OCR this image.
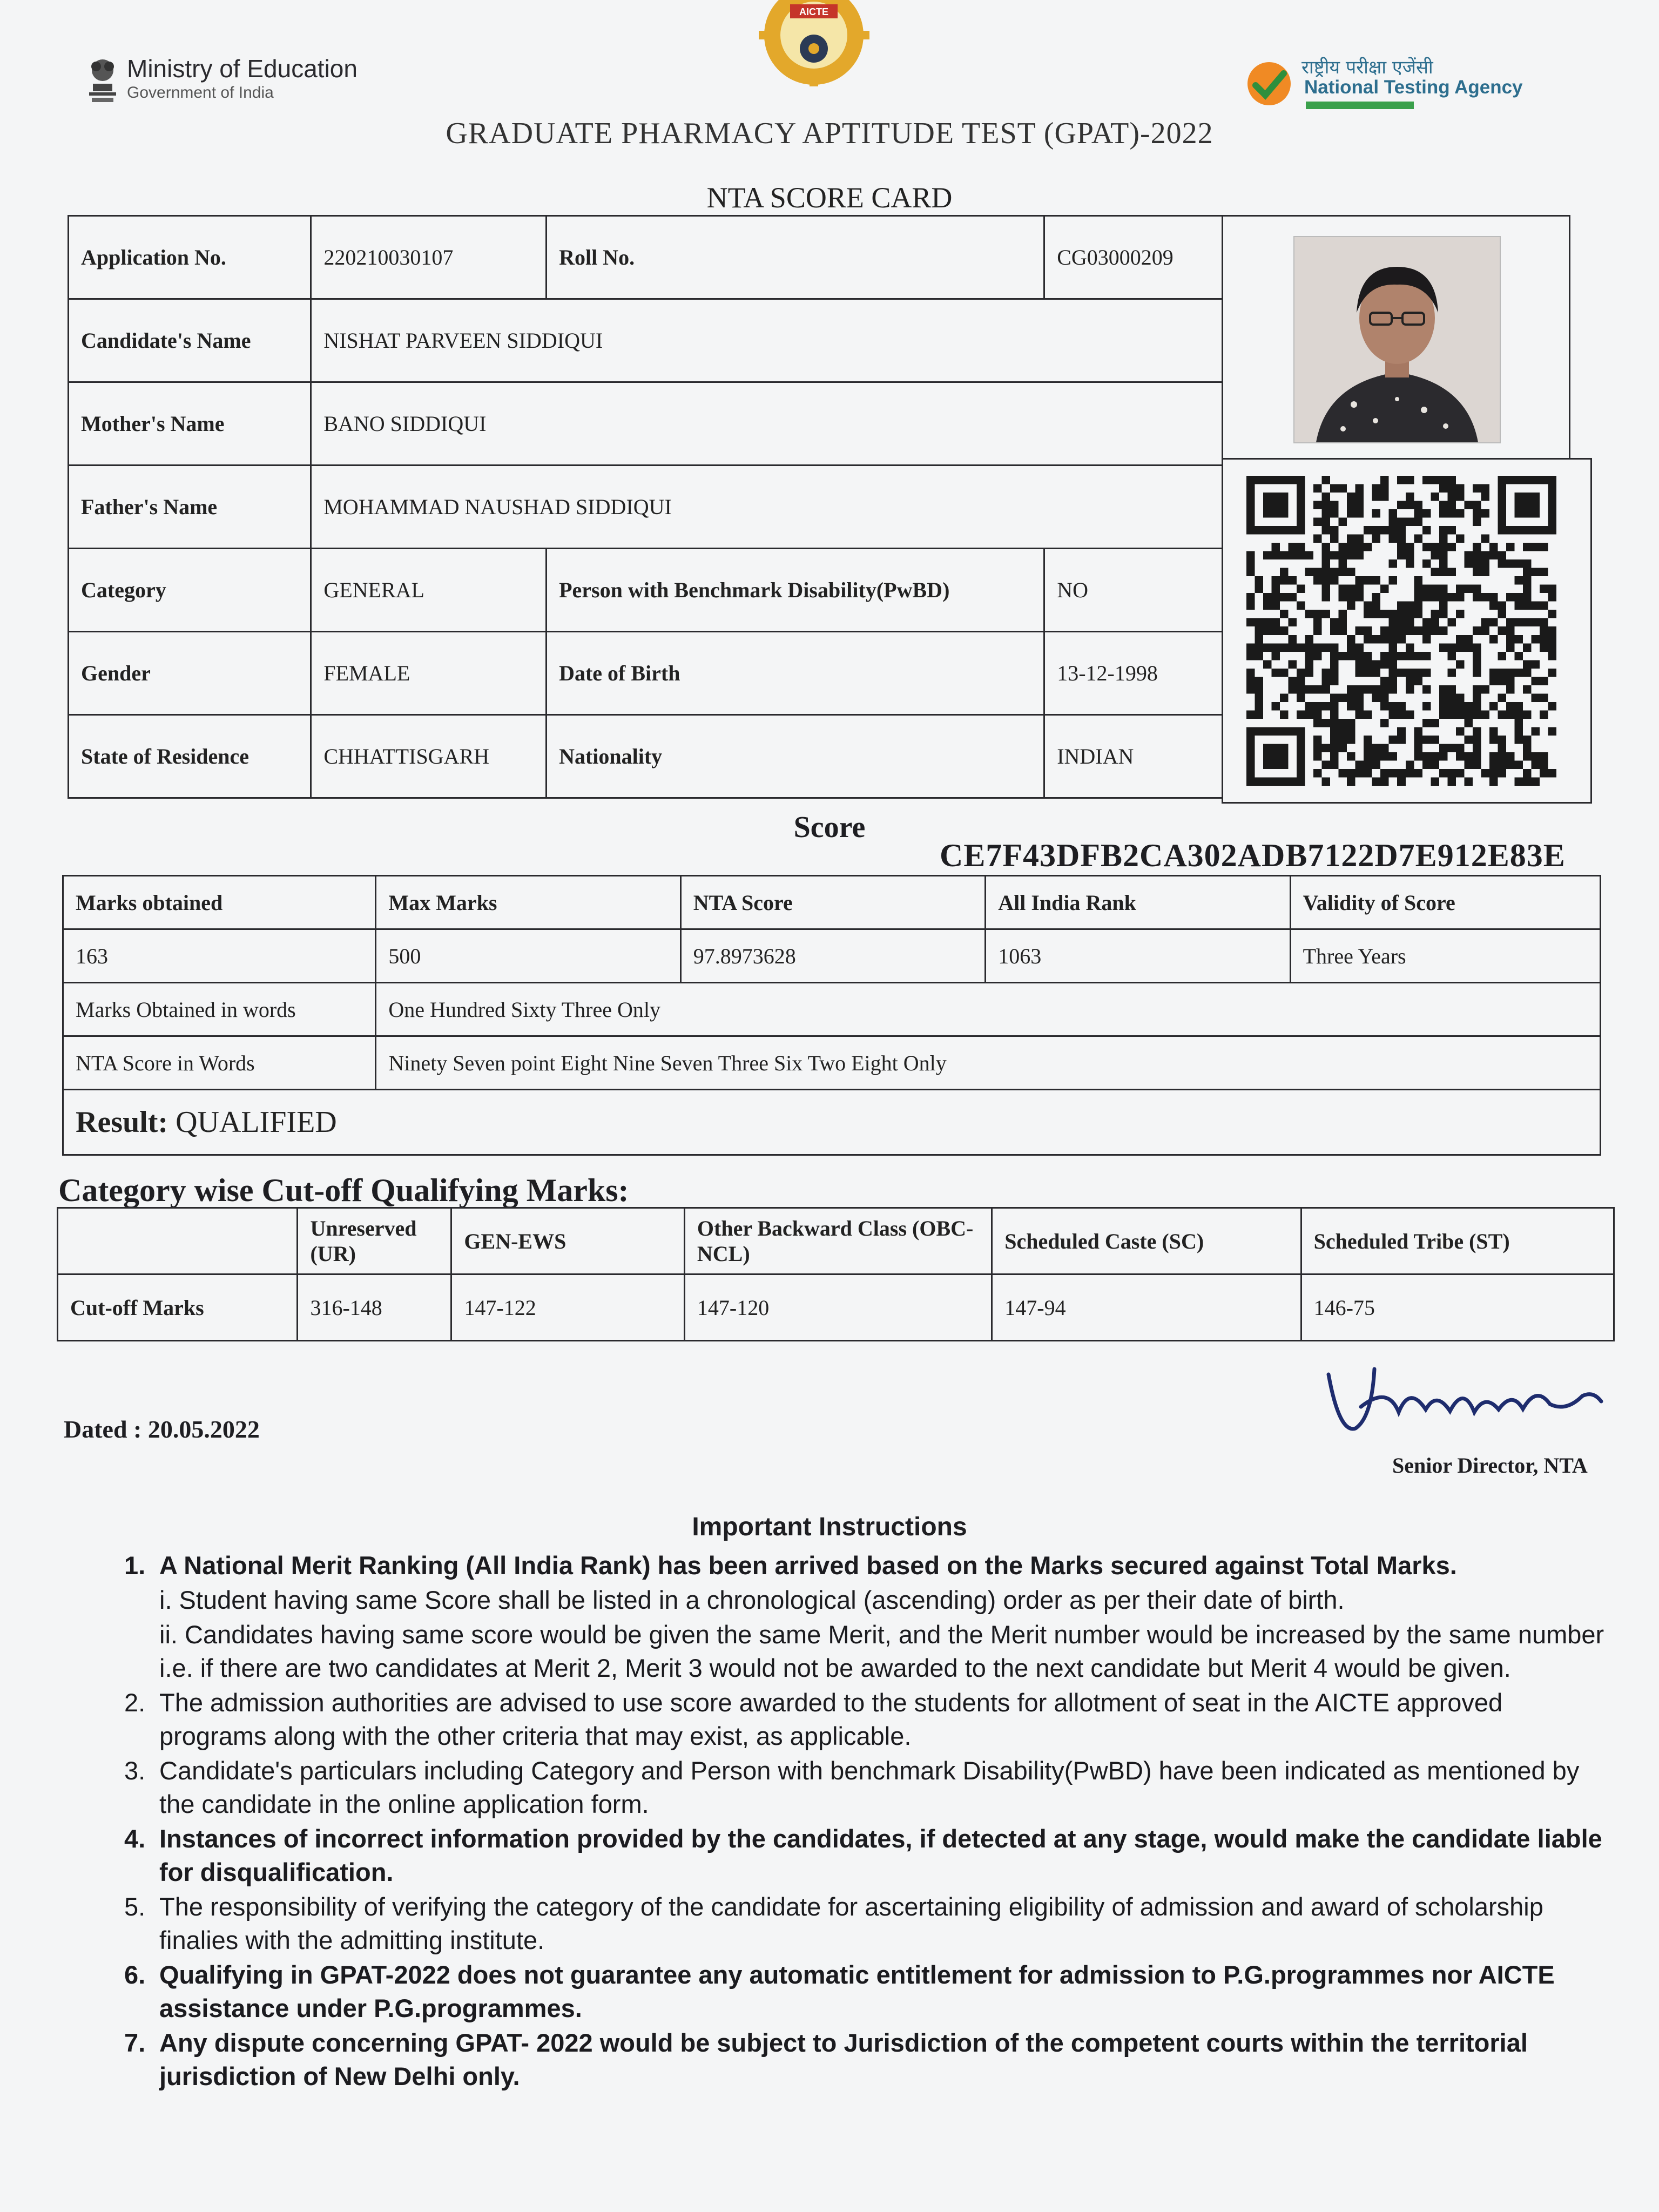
Ministry of Education
Government of India
AICTE
राष्ट्रीय परीक्षा एजेंसी
National Testing Agency
GRADUATE PHARMACY APTITUDE TEST (GPAT)-2022
NTA SCORE CARD
Application No.	220210030107	Roll No.	CG03000209
Candidate's Name	NISHAT PARVEEN SIDDIQUI		
Mother's Name	BANO SIDDIQUI		
Father's Name	MOHAMMAD NAUSHAD SIDDIQUI		
Category	GENERAL	Person with Benchmark Disability(PwBD)	NO
Gender	FEMALE	Date of Birth	13-12-1998
State of Residence	CHHATTISGARH	Nationality	INDIAN
Score
CE7F43DFB2CA302ADB7122D7E912E83E
Marks obtained	Max Marks	NTA Score	All India Rank	Validity of Score
163	500	97.8973628	1063	Three Years
Marks Obtained in words	One Hundred Sixty Three Only			
NTA Score in Words	Ninety Seven point Eight Nine Seven Three Six Two Eight Only			
Result: QUALIFIED				
Category wise Cut-off Qualifying Marks:
	Unreserved (UR)	GEN-EWS	Other Backward Class (OBC-NCL)	Scheduled Caste (SC)	Scheduled Tribe (ST)
Cut-off Marks	316-148	147-122	147-120	147-94	146-75
Dated : 20.05.2022
Senior Director, NTA
Important Instructions
1. A National Merit Ranking (All India Rank) has been arrived based on the Marks secured against Total Marks.
i. Student having same Score shall be listed in a chronological (ascending) order as per their date of birth.
ii. Candidates having same score would be given the same Merit, and the Merit number would be increased by the same number i.e. if there are two candidates at Merit 2, Merit 3 would not be awarded to the next candidate but Merit 4 would be given.
2. The admission authorities are advised to use score awarded to the students for allotment of seat in the AICTE approved programs along with the other criteria that may exist, as applicable.
3. Candidate's particulars including Category and Person with benchmark Disability(PwBD) have been indicated as mentioned by the candidate in the online application form.
4. Instances of incorrect information provided by the candidates, if detected at any stage, would make the candidate liable for disqualification.
5. The responsibility of verifying the category of the candidate for ascertaining eligibility of admission and award of scholarship finalies with the admitting institute.
6. Qualifying in GPAT-2022 does not guarantee any automatic entitlement for admission to P.G.programmes nor AICTE assistance under P.G.programmes.
7. Any dispute concerning GPAT- 2022 would be subject to Jurisdiction of the competent courts within the territorial jurisdiction of New Delhi only.
